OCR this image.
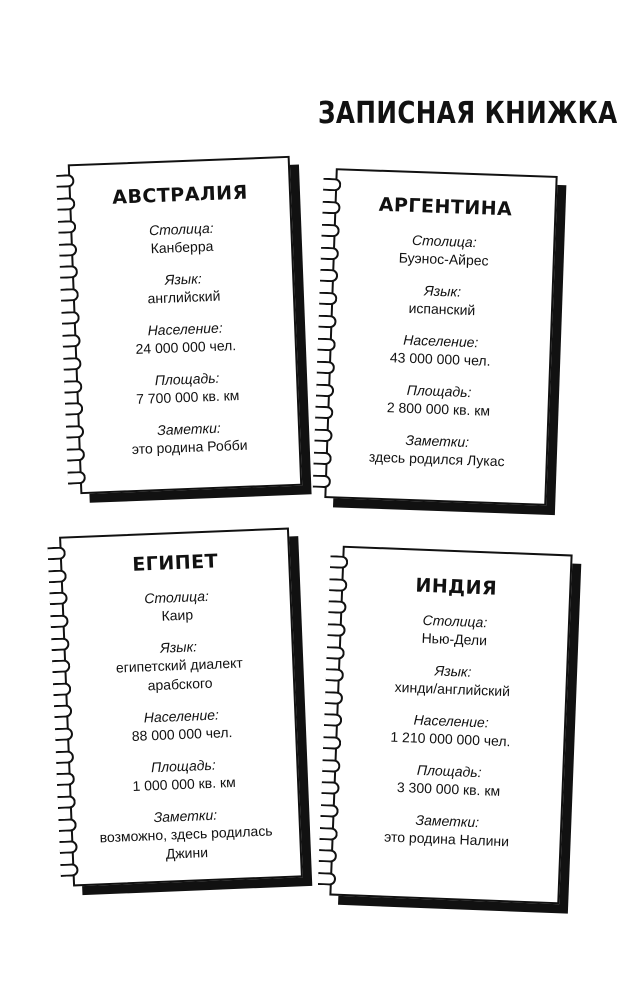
ЗАПИСНАЯ КНИЖКА
АВСТРАЛИЯ
Столица:
Канберра
Язык:
английский
Население:
24 000 000 чел.
Площадь:
7 700 000 кв. км
Заметки:
это родина Робби
АРГЕНТИНА
Столица:
Буэнос-Айрес
Язык:
испанский
Население:
43 000 000 чел.
Площадь:
2 800 000 кв. км
Заметки:
здесь родился Лукас
ЕГИПЕТ
Столица:
Каир
Язык:
египетский диалект арабского
Население:
88 000 000 чел.
Площадь:
1 000 000 кв. км
Заметки:
возможно, здесь родилась Джини
ИНДИЯ
Столица:
Нью-Дели
Язык:
хинди/английский
Население:
1 210 000 000 чел.
Площадь:
3 300 000 кв. км
Заметки:
это родина Налини
